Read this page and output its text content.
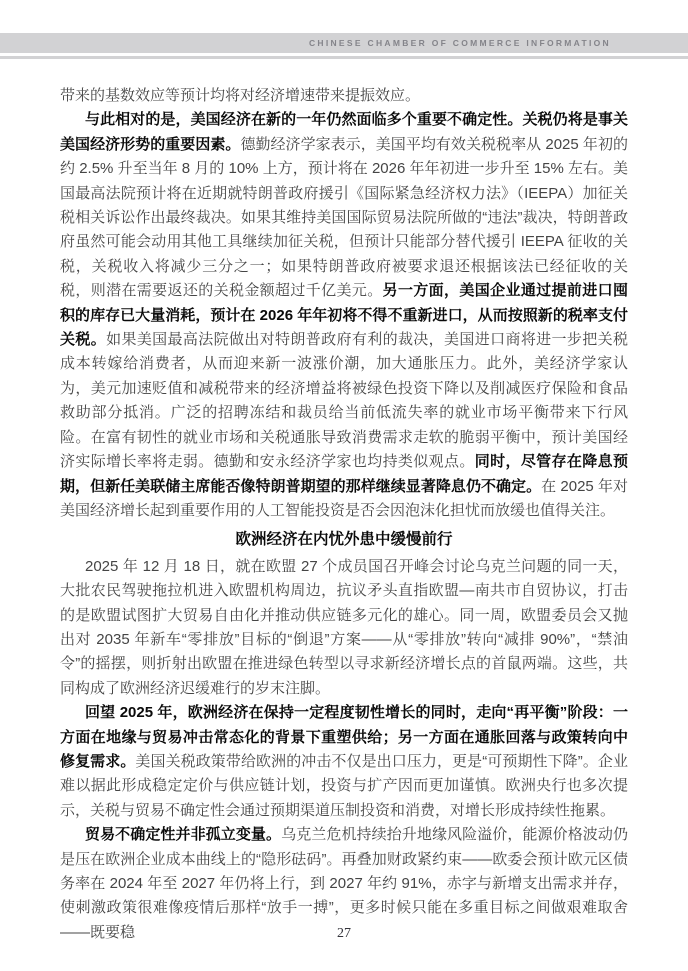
CHINESE CHAMBER OF COMMERCE INFORMATION

带来的基数效应等预计均将对经济增速带来提振效应。

与此相对的是，美国经济在新的一年仍然面临多个重要不确定性。关税仍将是事关美国经济形势的重要因素。德勤经济学家表示，美国平均有效关税税率从 2025 年初的约 2.5% 升至当年 8 月的 10% 上方，预计将在 2026 年年初进一步升至 15% 左右。美国最高法院预计将在近期就特朗普政府援引《国际紧急经济权力法》（IEEPA）加征关税相关诉讼作出最终裁决。如果其维持美国国际贸易法院所做的“违法”裁决，特朗普政府虽然可能会动用其他工具继续加征关税，但预计只能部分替代援引 IEEPA 征收的关税，关税收入将减少三分之一；如果特朗普政府被要求退还根据该法已经征收的关税，则潜在需要返还的关税金额超过千亿美元。另一方面，美国企业通过提前进口囤积的库存已大量消耗，预计在 2026 年年初将不得不重新进口，从而按照新的税率支付关税。如果美国最高法院做出对特朗普政府有利的裁决，美国进口商将进一步把关税成本转嫁给消费者，从而迎来新一波涨价潮，加大通胀压力。此外，美经济学家认为，美元加速贬值和减税带来的经济增益将被绿色投资下降以及削减医疗保险和食品救助部分抵消。广泛的招聘冻结和裁员给当前低流失率的就业市场平衡带来下行风险。在富有韧性的就业市场和关税通胀导致消费需求走软的脆弱平衡中，预计美国经济实际增长率将走弱。德勤和安永经济学家也均持类似观点。同时，尽管存在降息预期，但新任美联储主席能否像特朗普期望的那样继续显著降息仍不确定。在 2025 年对美国经济增长起到重要作用的人工智能投资是否会因泡沫化担忧而放缓也值得关注。

欧洲经济在内忧外患中缓慢前行

2025 年 12 月 18 日，就在欧盟 27 个成员国召开峰会讨论乌克兰问题的同一天，大批农民驾驶拖拉机进入欧盟机构周边，抗议矛头直指欧盟—南共市自贸协议，打击的是欧盟试图扩大贸易自由化并推动供应链多元化的雄心。同一周，欧盟委员会又抛出对 2035 年新车“零排放”目标的“倒退”方案——从“零排放”转向“减排 90%”，“禁油令”的摇摆，则折射出欧盟在推进绿色转型以寻求新经济增长点的首鼠两端。这些，共同构成了欧洲经济迟缓难行的岁末注脚。

回望 2025 年，欧洲经济在保持一定程度韧性增长的同时，走向“再平衡”阶段：一方面在地缘与贸易冲击常态化的背景下重塑供给；另一方面在通胀回落与政策转向中修复需求。美国关税政策带给欧洲的冲击不仅是出口压力，更是“可预期性下降”。企业难以据此形成稳定定价与供应链计划，投资与扩产因而更加谨慎。欧洲央行也多次提示，关税与贸易不确定性会通过预期渠道压制投资和消费，对增长形成持续性拖累。

贸易不确定性并非孤立变量。乌克兰危机持续抬升地缘风险溢价，能源价格波动仍是压在欧洲企业成本曲线上的“隐形砝码”。再叠加财政紧约束——欧委会预计欧元区债务率在 2024 年至 2027 年仍将上行，到 2027 年约 91%，赤字与新增支出需求并存，使刺激政策很难像疫情后那样“放手一搏”，更多时候只能在多重目标之间做艰难取舍——既要稳	27
